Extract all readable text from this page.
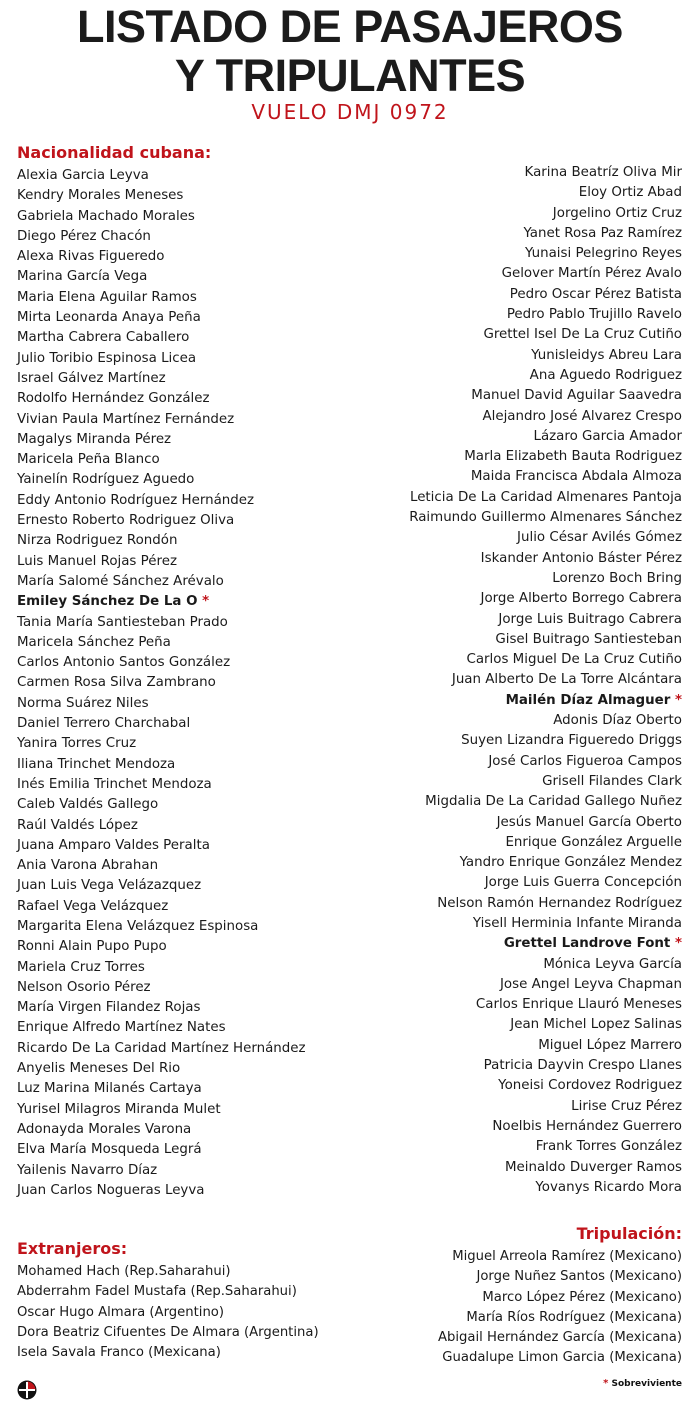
LISTADO DE PASAJEROS
Y TRIPULANTES
VUELO DMJ 0972
Nacionalidad cubana:
Alexia Garcia Leyva
Kendry Morales Meneses
Gabriela Machado Morales
Diego Pérez Chacón
Alexa Rivas Figueredo
Marina García Vega
Maria Elena Aguilar Ramos
Mirta Leonarda Anaya Peña
Martha Cabrera Caballero
Julio Toribio Espinosa Licea
Israel Gálvez Martínez
Rodolfo Hernández González
Vivian Paula Martínez Fernández
Magalys Miranda Pérez
Maricela Peña Blanco
Yainelín Rodríguez Aguedo
Eddy Antonio Rodríguez Hernández
Ernesto Roberto Rodriguez Oliva
Nirza Rodriguez Rondón
Luis Manuel Rojas Pérez
María Salomé Sánchez Arévalo
Emiley Sánchez De La O *
Tania María Santiesteban Prado
Maricela Sánchez Peña
Carlos Antonio Santos González
Carmen Rosa Silva Zambrano
Norma Suárez Niles
Daniel Terrero Charchabal
Yanira Torres Cruz
Iliana Trinchet Mendoza
Inés Emilia Trinchet Mendoza
Caleb Valdés Gallego
Raúl Valdés López
Juana Amparo Valdes Peralta
Ania Varona Abrahan
Juan Luis Vega Velázazquez
Rafael Vega Velázquez
Margarita Elena Velázquez Espinosa
Ronni Alain Pupo Pupo
Mariela Cruz Torres
Nelson Osorio Pérez
María Virgen Filandez Rojas
Enrique Alfredo Martínez Nates
Ricardo De La Caridad Martínez Hernández
Anyelis Meneses Del Rio
Luz Marina Milanés Cartaya
Yurisel Milagros Miranda Mulet
Adonayda Morales Varona
Elva María Mosqueda Legrá
Yailenis Navarro Díaz
Juan Carlos Nogueras Leyva
Karina Beatríz Oliva Mir
Eloy Ortiz Abad
Jorgelino Ortiz Cruz
Yanet Rosa Paz Ramírez
Yunaisi Pelegrino Reyes
Gelover Martín Pérez Avalo
Pedro Oscar Pérez Batista
Pedro Pablo Trujillo Ravelo
Grettel Isel De La Cruz Cutiño
Yunisleidys Abreu Lara
Ana Aguedo Rodriguez
Manuel David Aguilar Saavedra
Alejandro José Alvarez Crespo
Lázaro Garcia Amador
Marla Elizabeth Bauta Rodriguez
Maida Francisca Abdala Almoza
Leticia De La Caridad Almenares Pantoja
Raimundo Guillermo Almenares Sánchez
Julio César Avilés Gómez
Iskander Antonio Báster Pérez
Lorenzo Boch Bring
Jorge Alberto Borrego Cabrera
Jorge Luis Buitrago Cabrera
Gisel Buitrago Santiesteban
Carlos Miguel De La Cruz Cutiño
Juan Alberto De La Torre Alcántara
Mailén Díaz Almaguer *
Adonis Díaz Oberto
Suyen Lizandra Figueredo Driggs
José Carlos Figueroa Campos
Grisell Filandes Clark
Migdalia De La Caridad Gallego Nuñez
Jesús Manuel García Oberto
Enrique González Arguelle
Yandro Enrique González Mendez
Jorge Luis Guerra Concepción
Nelson Ramón Hernandez Rodríguez
Yisell Herminia Infante Miranda
Grettel Landrove Font *
Mónica Leyva García
Jose Angel Leyva Chapman
Carlos Enrique Llauró Meneses
Jean Michel Lopez Salinas
Miguel López Marrero
Patricia Dayvin Crespo Llanes
Yoneisi Cordovez Rodriguez
Lirise Cruz Pérez
Noelbis Hernández Guerrero
Frank Torres González
Meinaldo Duverger Ramos
Yovanys Ricardo Mora
Extranjeros:
Mohamed Hach (Rep.Saharahui)
Abderrahm Fadel Mustafa (Rep.Saharahui)
Oscar Hugo Almara (Argentino)
Dora Beatriz Cifuentes De Almara (Argentina)
Isela Savala Franco (Mexicana)
Tripulación:
Miguel Arreola Ramírez (Mexicano)
Jorge Nuñez Santos (Mexicano)
Marco López Pérez (Mexicano)
María Ríos Rodríguez (Mexicana)
Abigail Hernández García (Mexicana)
Guadalupe Limon Garcia (Mexicana)
* Sobreviviente
